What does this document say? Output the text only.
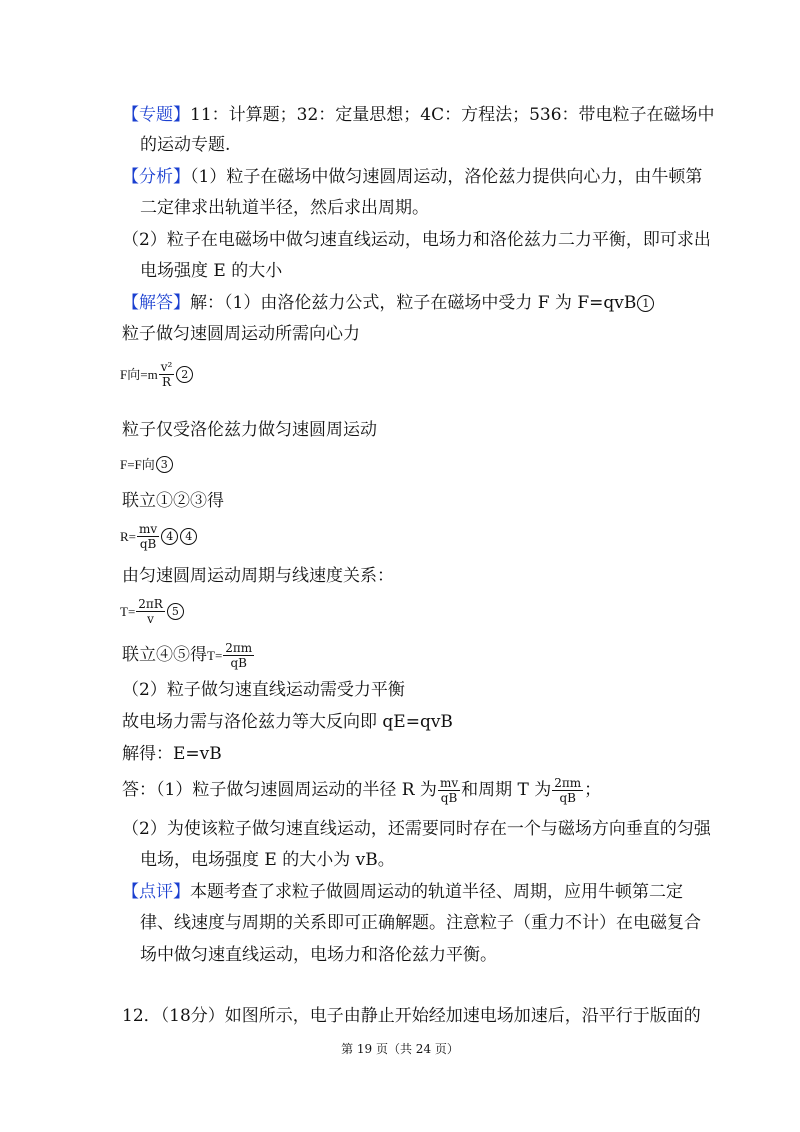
【专题】11：计算题；32：定量思想；4C：方程法；536：带电粒子在磁场中
的运动专题.
【分析】（1）粒子在磁场中做匀速圆周运动，洛伦兹力提供向心力，由牛顿第
二定律求出轨道半径，然后求出周期。
（2）粒子在电磁场中做匀速直线运动，电场力和洛伦兹力二力平衡，即可求出
电场强度 E 的大小
【解答】解：（1）由洛伦兹力公式，粒子在磁场中受力 F 为 F=qvB 1
粒子做匀速圆周运动所需向心力
F向$=m \frac{\text{v²}}{R} 2$
粒子仅受洛伦兹力做匀速圆周运动
F=F向 3
联立①②③得
$R= \frac{mv}{qB} 4$ 4
由匀速圆周运动周期与线速度关系：
$T= \frac{2\pi R}{v} 5$
联立④⑤得$T= \frac{2\pi m}{qB}$
（2）粒子做匀速直线运动需受力平衡
故电场力需与洛伦兹力等大反向即 qE=qvB
解得：E=vB
答：（1）粒子做匀速圆周运动的半径 R 为 $\frac{mv}{qB}$ 和周期 T 为 $\frac{2\pi m}{qB}$ ；
（2）为使该粒子做匀速直线运动，还需要同时存在一个与磁场方向垂直的匀强
电场，电场强度 E 的大小为 vB。
【点评】本题考查了求粒子做圆周运动的轨道半径、周期，应用牛顿第二定
律、线速度与周期的关系即可正确解题。注意粒子（重力不计）在电磁复合
场中做匀速直线运动，电场力和洛伦兹力平衡。
12．（18分）如图所示，电子由静止开始经加速电场加速后，沿平行于版面的
第 19 页（共 24 页）
